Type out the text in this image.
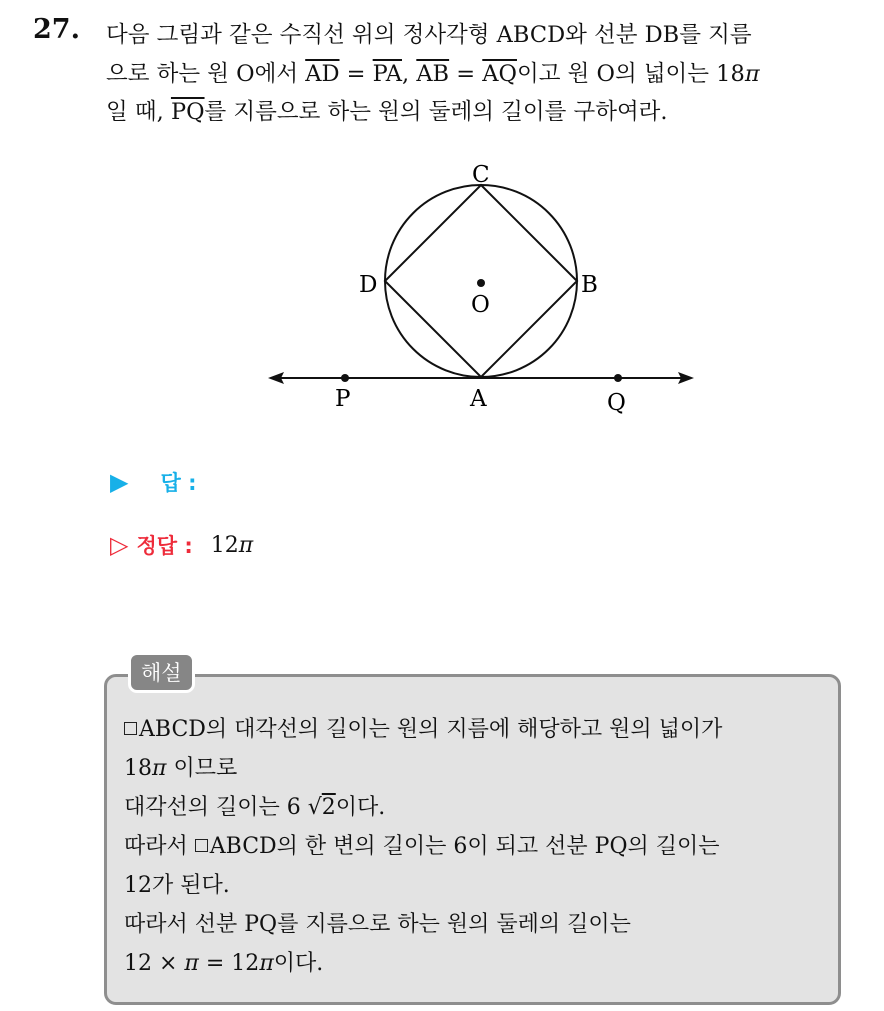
27. 다음 그림과 같은 수직선 위의 정사각형 ABCD와 선분 DB를 지름
으로 하는 원 O에서 $\overline{AD} = \overline{PA}$, $\overline{AB} = \overline{AQ}$이고 원 O의 넓이는 18π
일 때, $\overline{PQ}$를 지름으로 하는 원의 둘레의 길이를 구하여라.
C
D	B
O
P	A	Q
▶ 답 :
▷ 정답 : 12π
해설
ABCD의 대각선의 길이는 원의 지름에 해당하고 원의 넓이가
18π 이므로
대각선의 길이는 6 √2이다.
따라서 ABCD의 한 변의 길이는 6이 되고 선분 PQ의 길이는
12가 된다.
따라서 선분 PQ를 지름으로 하는 원의 둘레의 길이는
12 × π = 12π이다.
